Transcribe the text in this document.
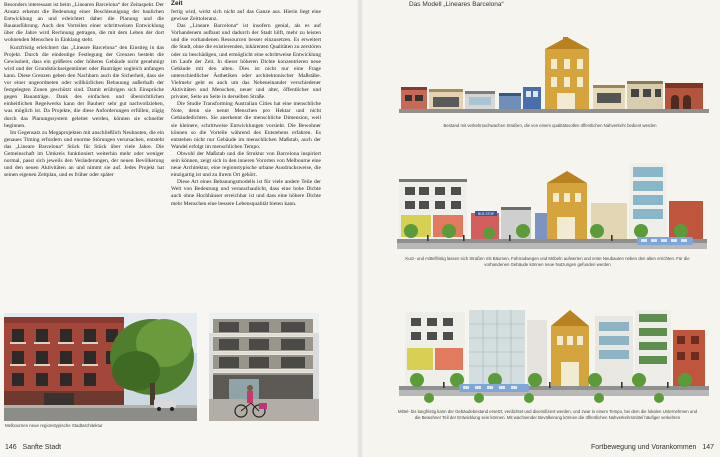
Zeit	Das Modell „Lineares Barcelona“

Besonders interessant ist beim „Linearen Barcelona“ der Zeitaspekt. Der Ansatz erkennt die Bedeutung einer Beschleunigung der baulichen Entwicklung an und erleichtert daher die Planung und die Bauausführung. Auch den Vorteilen einer schrittweisen Entwicklung über die Jahre wird Rechnung getragen, die mit dem Leben der dort wohnenden Menschen in Einklang steht.

Kurzfristig erleichtert das „Lineare Barcelona“ den Einstieg in das Projekt. Durch die eindeutige Festlegung der Grenzen besteht die Gewissheit, dass ein größeres oder höheres Gebäude nicht genehmigt wird und der Grundstückseigentümer oder Bauträger sogleich anfangen kann. Diese Grenzen geben den Nachbarn auch die Sicherheit, dass sie vor einer ungeordneten oder willkürlichen Bebauung außerhalb der festgelegten Zonen geschützt sind. Damit erübrigen sich Einsprüche gegen Bauanträge. Dank des einfachen und übersichtlichen einheitlichen Regelwerks kann der Bauherr sehr gut nachvollziehen, was möglich ist. Da Projekte, die diese Anforderungen erfüllen, zügig durch das Planungssystem geleitet werden, können sie schneller beginnen.

Im Gegensatz zu Megaprojekten mit anschließlich Neubauten, die ein genaues Timing erfordern und enorme Störungen verursachen, entsteht das „Lineare Barcelona“ Stück für Stück über viele Jahre. Die Gemeinschaft im Umkreis funktioniert weiterhin mehr oder weniger normal, passt sich jeweils den Veränderungen, der neuen Bevölkerung und den neuen Aktivitäten an und nimmt sie auf. Jedes Projekt hat seinen eigenen Zeitplan, und es früher oder später

fertig wird, wirkt sich nicht auf das Ganze aus. Hierin liegt eine gewisse Zeittoleranz.

Das „Lineare Barcelona“ ist insofern genial, als es auf Vorhandenem aufbaut und dadurch der Stadt hilft, mehr zu leisten und die vorhandenen Ressourcen besser einzusetzen. Es erweitert die Stadt, ohne die existierenden, inhärenten Qualitäten zu zerstören oder zu beschädigen, und ermöglicht eine schrittweise Entwicklung im Laufe der Zeit. In dieser höheren Dichte konzentrieren neue Gebäude mit den alten. Dies ist nicht nur eine Frage unterschiedlicher Ästhetiken oder architektonischer Maßstäbe. Vielmehr geht es auch um das Nebeneinander verschiedener Aktivitäten und Menschen, neuer und alter, öffentlicher und privater, Seite an Seite in derselben Straße.

Die Studie Transforming Australian Cities hat eine menschliche Note, denn sie nennt Menschen pro Hektar und nicht Gebäudedichten. Sie anerkennt die menschliche Dimension, weil sie kleinere, schrittweise Entwicklungen vorsieht. Die Bewohner können so die Vorteile während des Entstehens erfahren. Es entstehen nicht nur Gebäude im menschlichen Maßstab, auch der Wandel erfolgt im menschlichen Tempo.

Obwohl der Maßstab und die Struktur von Barcelona inspiriert sein können, zeigt sich in den inneren Vororten von Melbourne eine neue Architektur, eine regionstypische urbane Ausdrucksweise, die einzigartig ist und zu ihrem Ort gehört.

Diese Art eines Bebauungsmodells ist für viele andere Teile der Welt von Bedeutung und veranschaulicht, dass eine hohe Dichte auch ohne Hochhäuser erreichbar ist und dass eine höhere Dichte mehr Menschen eine bessere Lebensqualität bieten kann.

Melbournes neue regionstypische Stadtarchitektur
Bestand mit verkehrsschwachen Straßen, die von einem qualitätsvollen öffentlichen Nahverkehr bedient werden
BUS STOP
Kurz- und mittelfristig lassen sich Straßen mit Bäumen, Fahrradwegen und Möbeln aufwerten und erste Neubauten neben den alten errichten. Für die vorhandenen Gebäude können neue Nutzungen gefunden werden
Mittel- bis langfristig kann der Gebäudebestand ersetzt, verdichtet und diversifiziert werden, und zwar in einem Tempo, bei dem die lokalen Unternehmen und die Bewohner Teil der Entwicklung sein können. Mit wachsender Bevölkerung können die öffentlichen Nahverkehrsmittel häufiger verkehren
146 Sanfte Stadt	Fortbewegung und Vorankommen 147
